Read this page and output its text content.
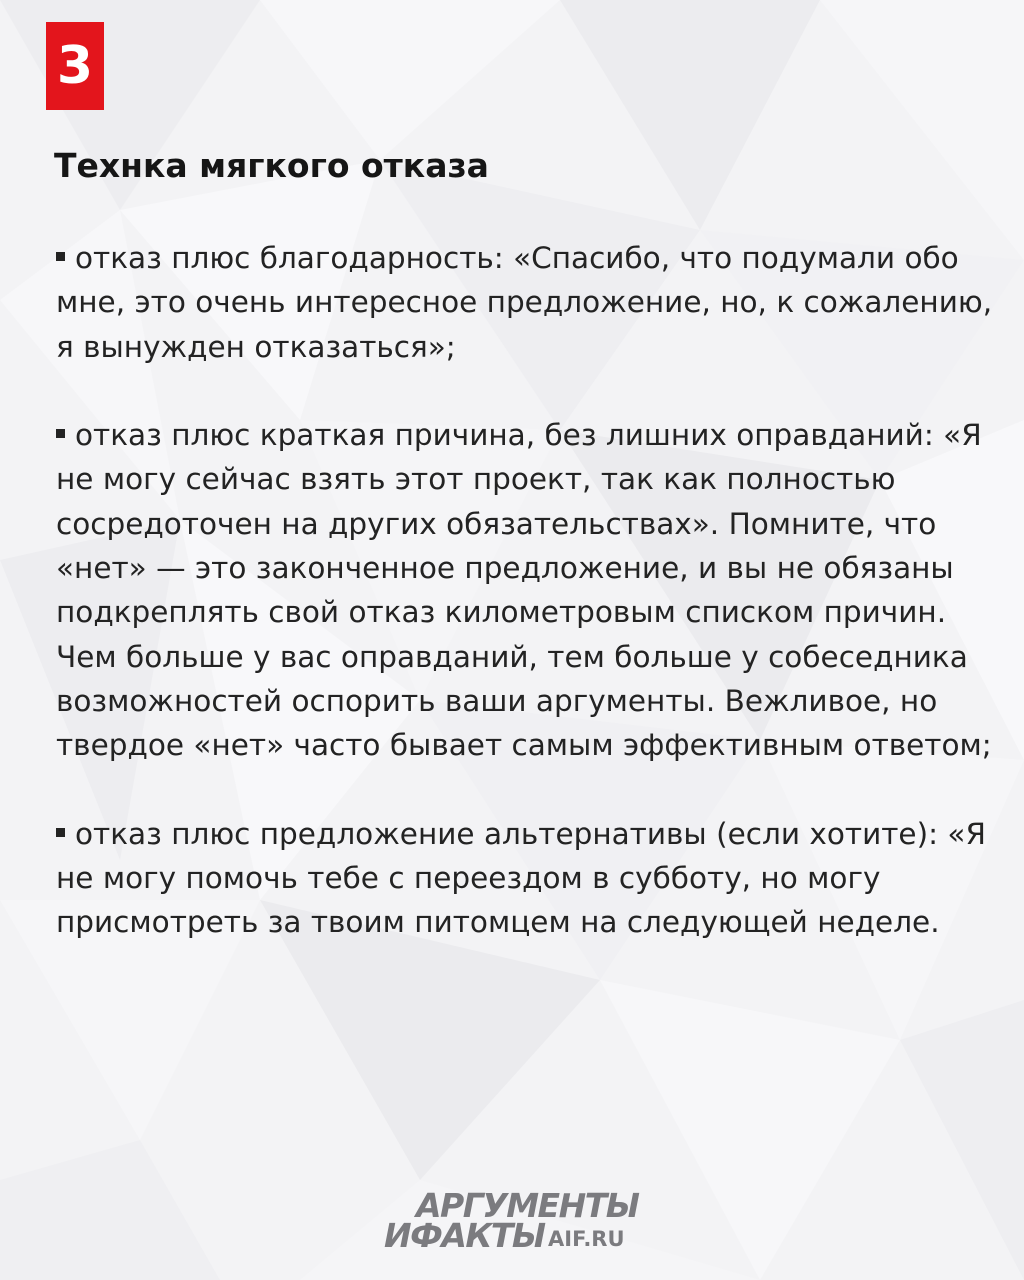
3
Технка мягкого отказа

отказ плюс благодарность: «Спасибо, что подумали обо мне, это очень интересное предложение, но, к сожалению, я вынужден отказаться»;

отказ плюс краткая причина, без лишних оправданий: «Я не могу сейчас взять этот проект, так как полностью сосредоточен на других обязательствах». Помните, что «нет» — это законченное предложение, и вы не обязаны подкреплять свой отказ километровым списком причин. Чем больше у вас оправданий, тем больше у собеседника возможностей оспорить ваши аргументы. Вежливое, но твердое «нет» часто бывает самым эффективным ответом;

отказ плюс предложение альтернативы (если хотите): «Я не могу помочь тебе с переездом в субботу, но могу присмотреть за твоим питомцем на следующей неделе.

АРГУМЕНТЫ
ИФАКТЫ AIF.RU
